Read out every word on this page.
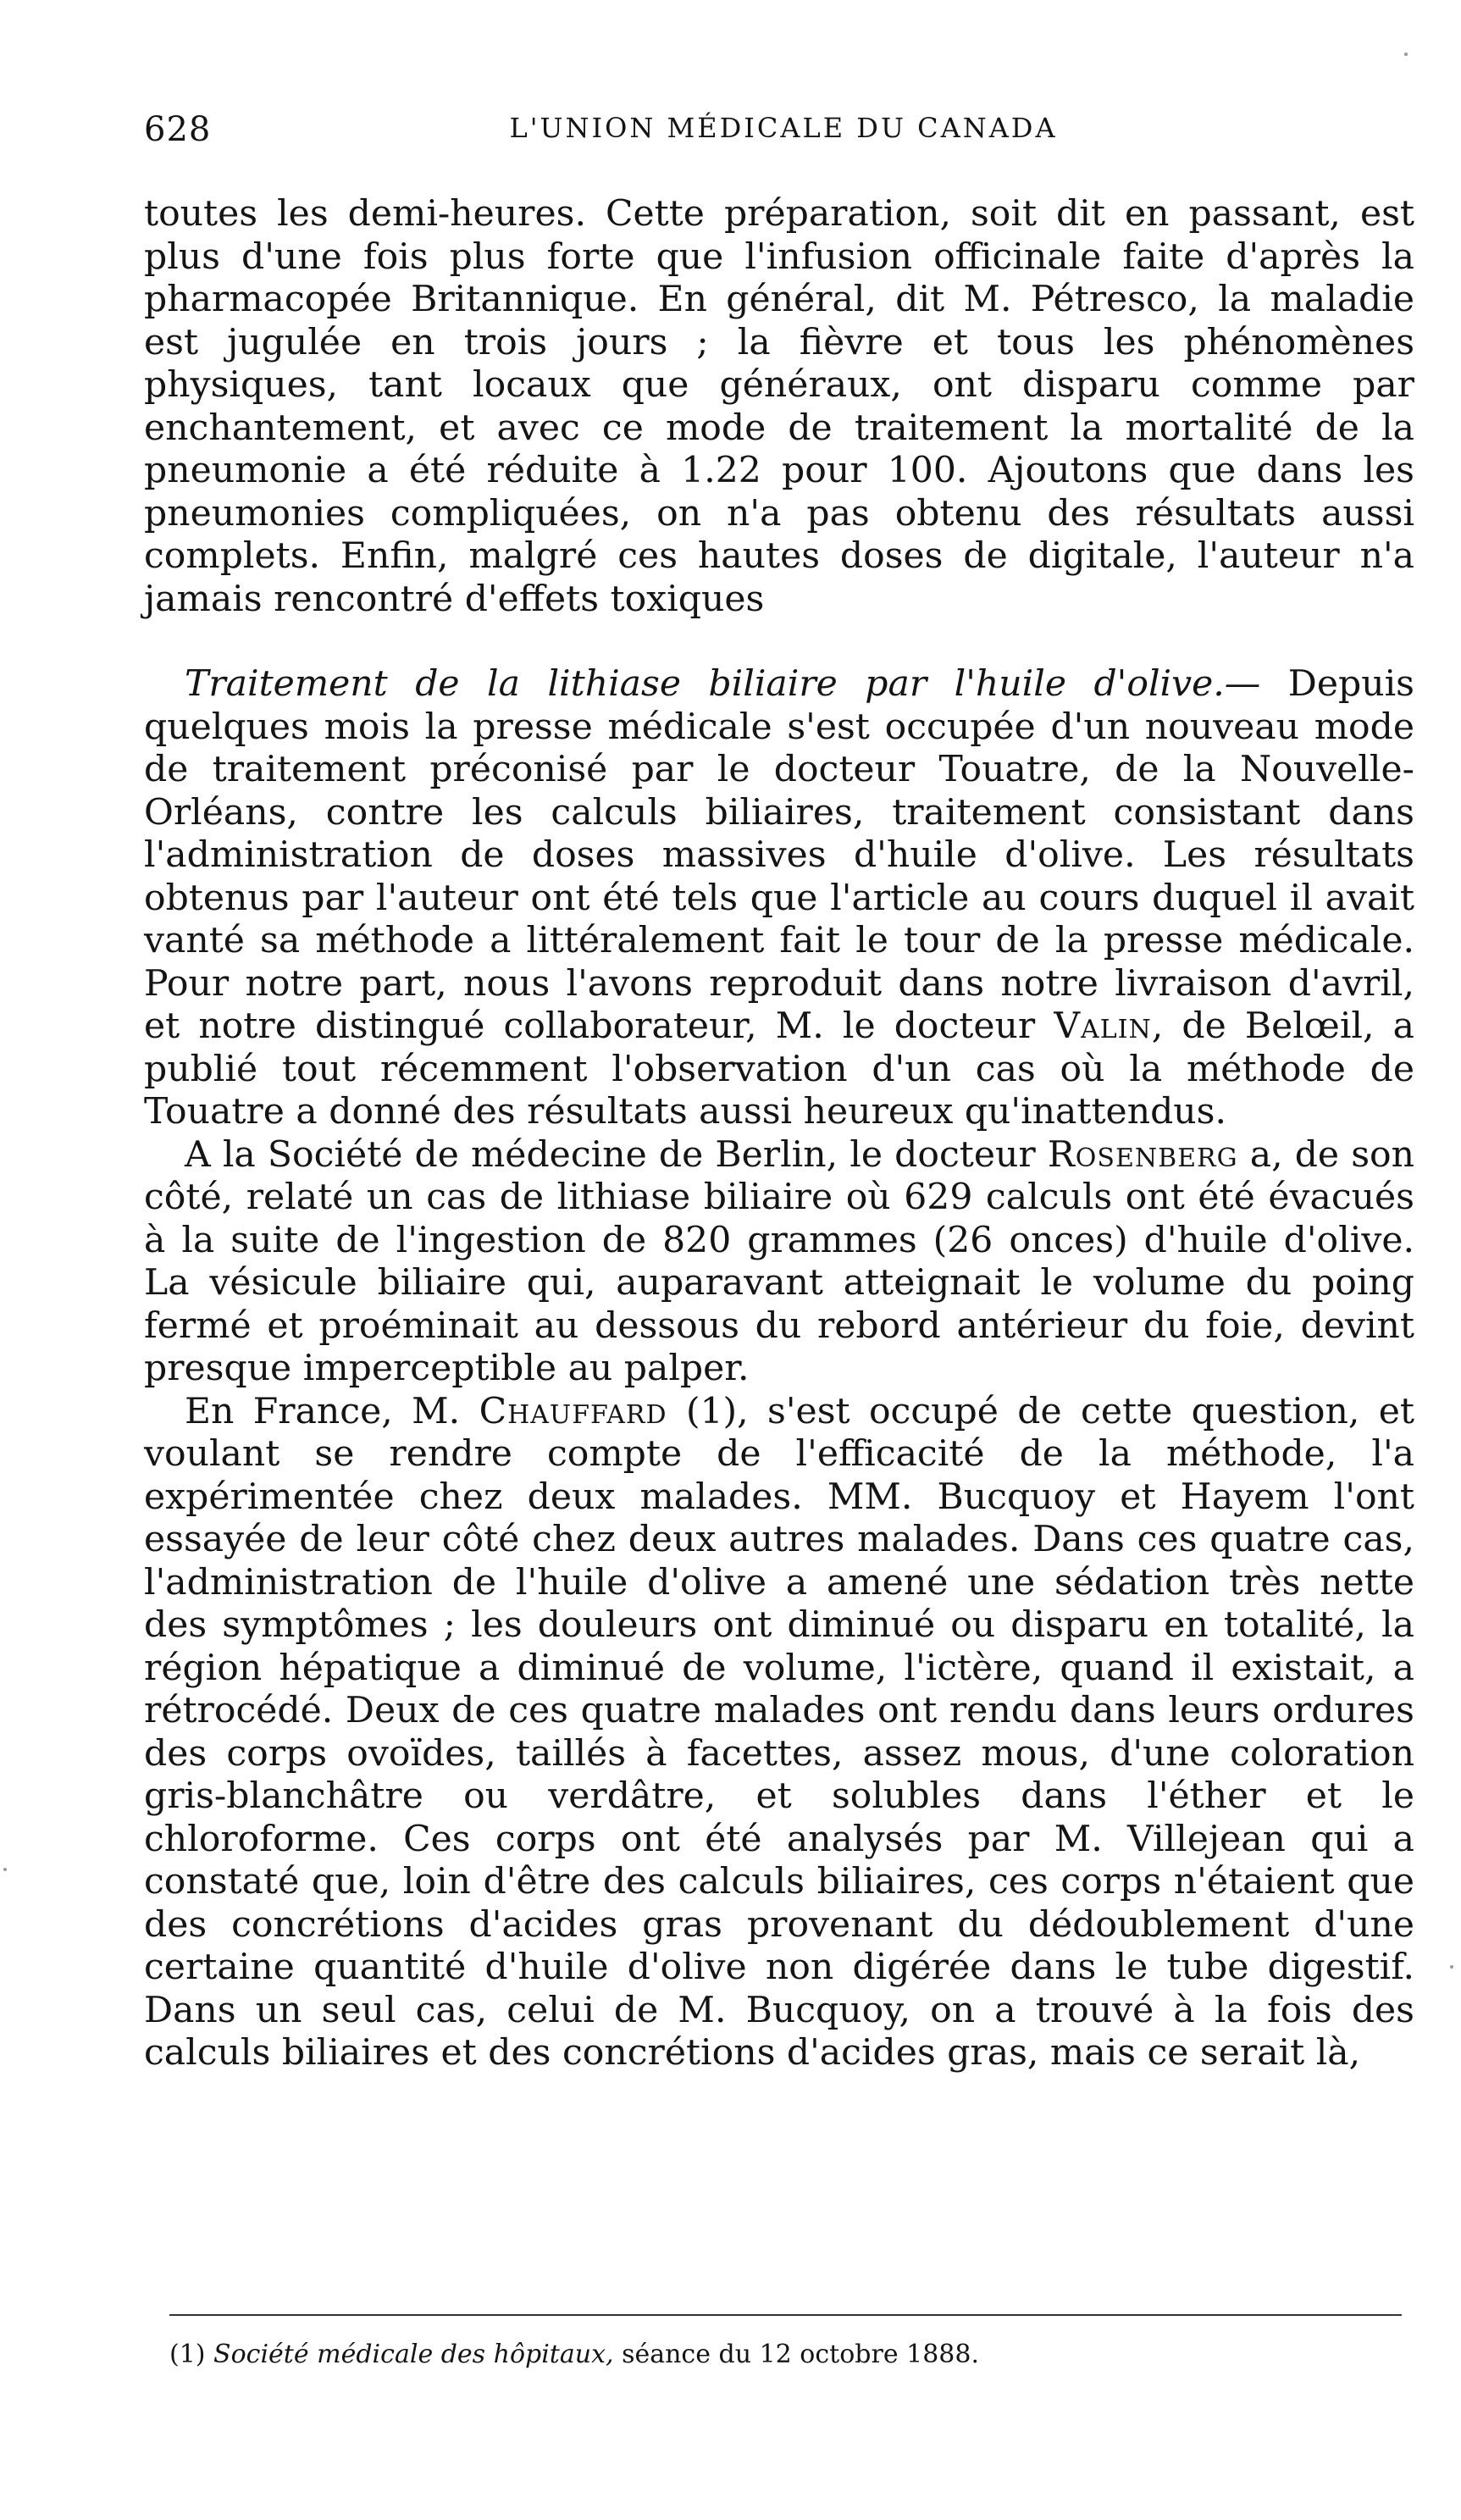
628	L'UNION MÉDICALE DU CANADA

toutes les demi-heures. Cette préparation, soit dit en passant, est plus d'une fois plus forte que l'infusion officinale faite d'après la pharmacopée Britannique. En général, dit M. Pétresco, la maladie est jugulée en trois jours ; la fièvre et tous les phénomènes physiques, tant locaux que généraux, ont disparu comme par enchantement, et avec ce mode de traitement la mortalité de la pneumonie a été réduite à 1.22 pour 100. Ajoutons que dans les pneumonies compliquées, on n'a pas obtenu des résultats aussi complets. Enfin, malgré ces hautes doses de digitale, l'auteur n'a jamais rencontré d'effets toxiques

Traitement de la lithiase biliaire par l'huile d'olive.— Depuis quelques mois la presse médicale s'est occupée d'un nouveau mode de traitement préconisé par le docteur Touatre, de la Nouvelle-Orléans, contre les calculs biliaires, traitement consistant dans l'administration de doses massives d'huile d'olive. Les résultats obtenus par l'auteur ont été tels que l'article au cours duquel il avait vanté sa méthode a littéralement fait le tour de la presse médicale. Pour notre part, nous l'avons reproduit dans notre livraison d'avril, et notre distingué collaborateur, M. le docteur Valin, de Belœil, a publié tout récemment l'observation d'un cas où la méthode de Touatre a donné des résultats aussi heureux qu'inattendus.

A la Société de médecine de Berlin, le docteur Rosenberg a, de son côté, relaté un cas de lithiase biliaire où 629 calculs ont été évacués à la suite de l'ingestion de 820 grammes (26 onces) d'huile d'olive. La vésicule biliaire qui, auparavant atteignait le volume du poing fermé et proéminait au dessous du rebord antérieur du foie, devint presque imperceptible au palper.

En France, M. Chauffard (1), s'est occupé de cette question, et voulant se rendre compte de l'efficacité de la méthode, l'a expérimentée chez deux malades. MM. Bucquoy et Hayem l'ont essayée de leur côté chez deux autres malades. Dans ces quatre cas, l'administration de l'huile d'olive a amené une sédation très nette des symptômes ; les douleurs ont diminué ou disparu en totalité, la région hépatique a diminué de volume, l'ictère, quand il existait, a rétrocédé. Deux de ces quatre malades ont rendu dans leurs ordures des corps ovoïdes, taillés à facettes, assez mous, d'une coloration gris-blanchâtre ou verdâtre, et solubles dans l'éther et le chloroforme. Ces corps ont été analysés par M. Villejean qui a constaté que, loin d'être des calculs biliaires, ces corps n'étaient que des concrétions d'acides gras provenant du dédoublement d'une certaine quantité d'huile d'olive non digérée dans le tube digestif. Dans un seul cas, celui de M. Bucquoy, on a trouvé à la fois des calculs biliaires et des concrétions d'acides gras, mais ce serait là,

(1) Société médicale des hôpitaux, séance du 12 octobre 1888.
